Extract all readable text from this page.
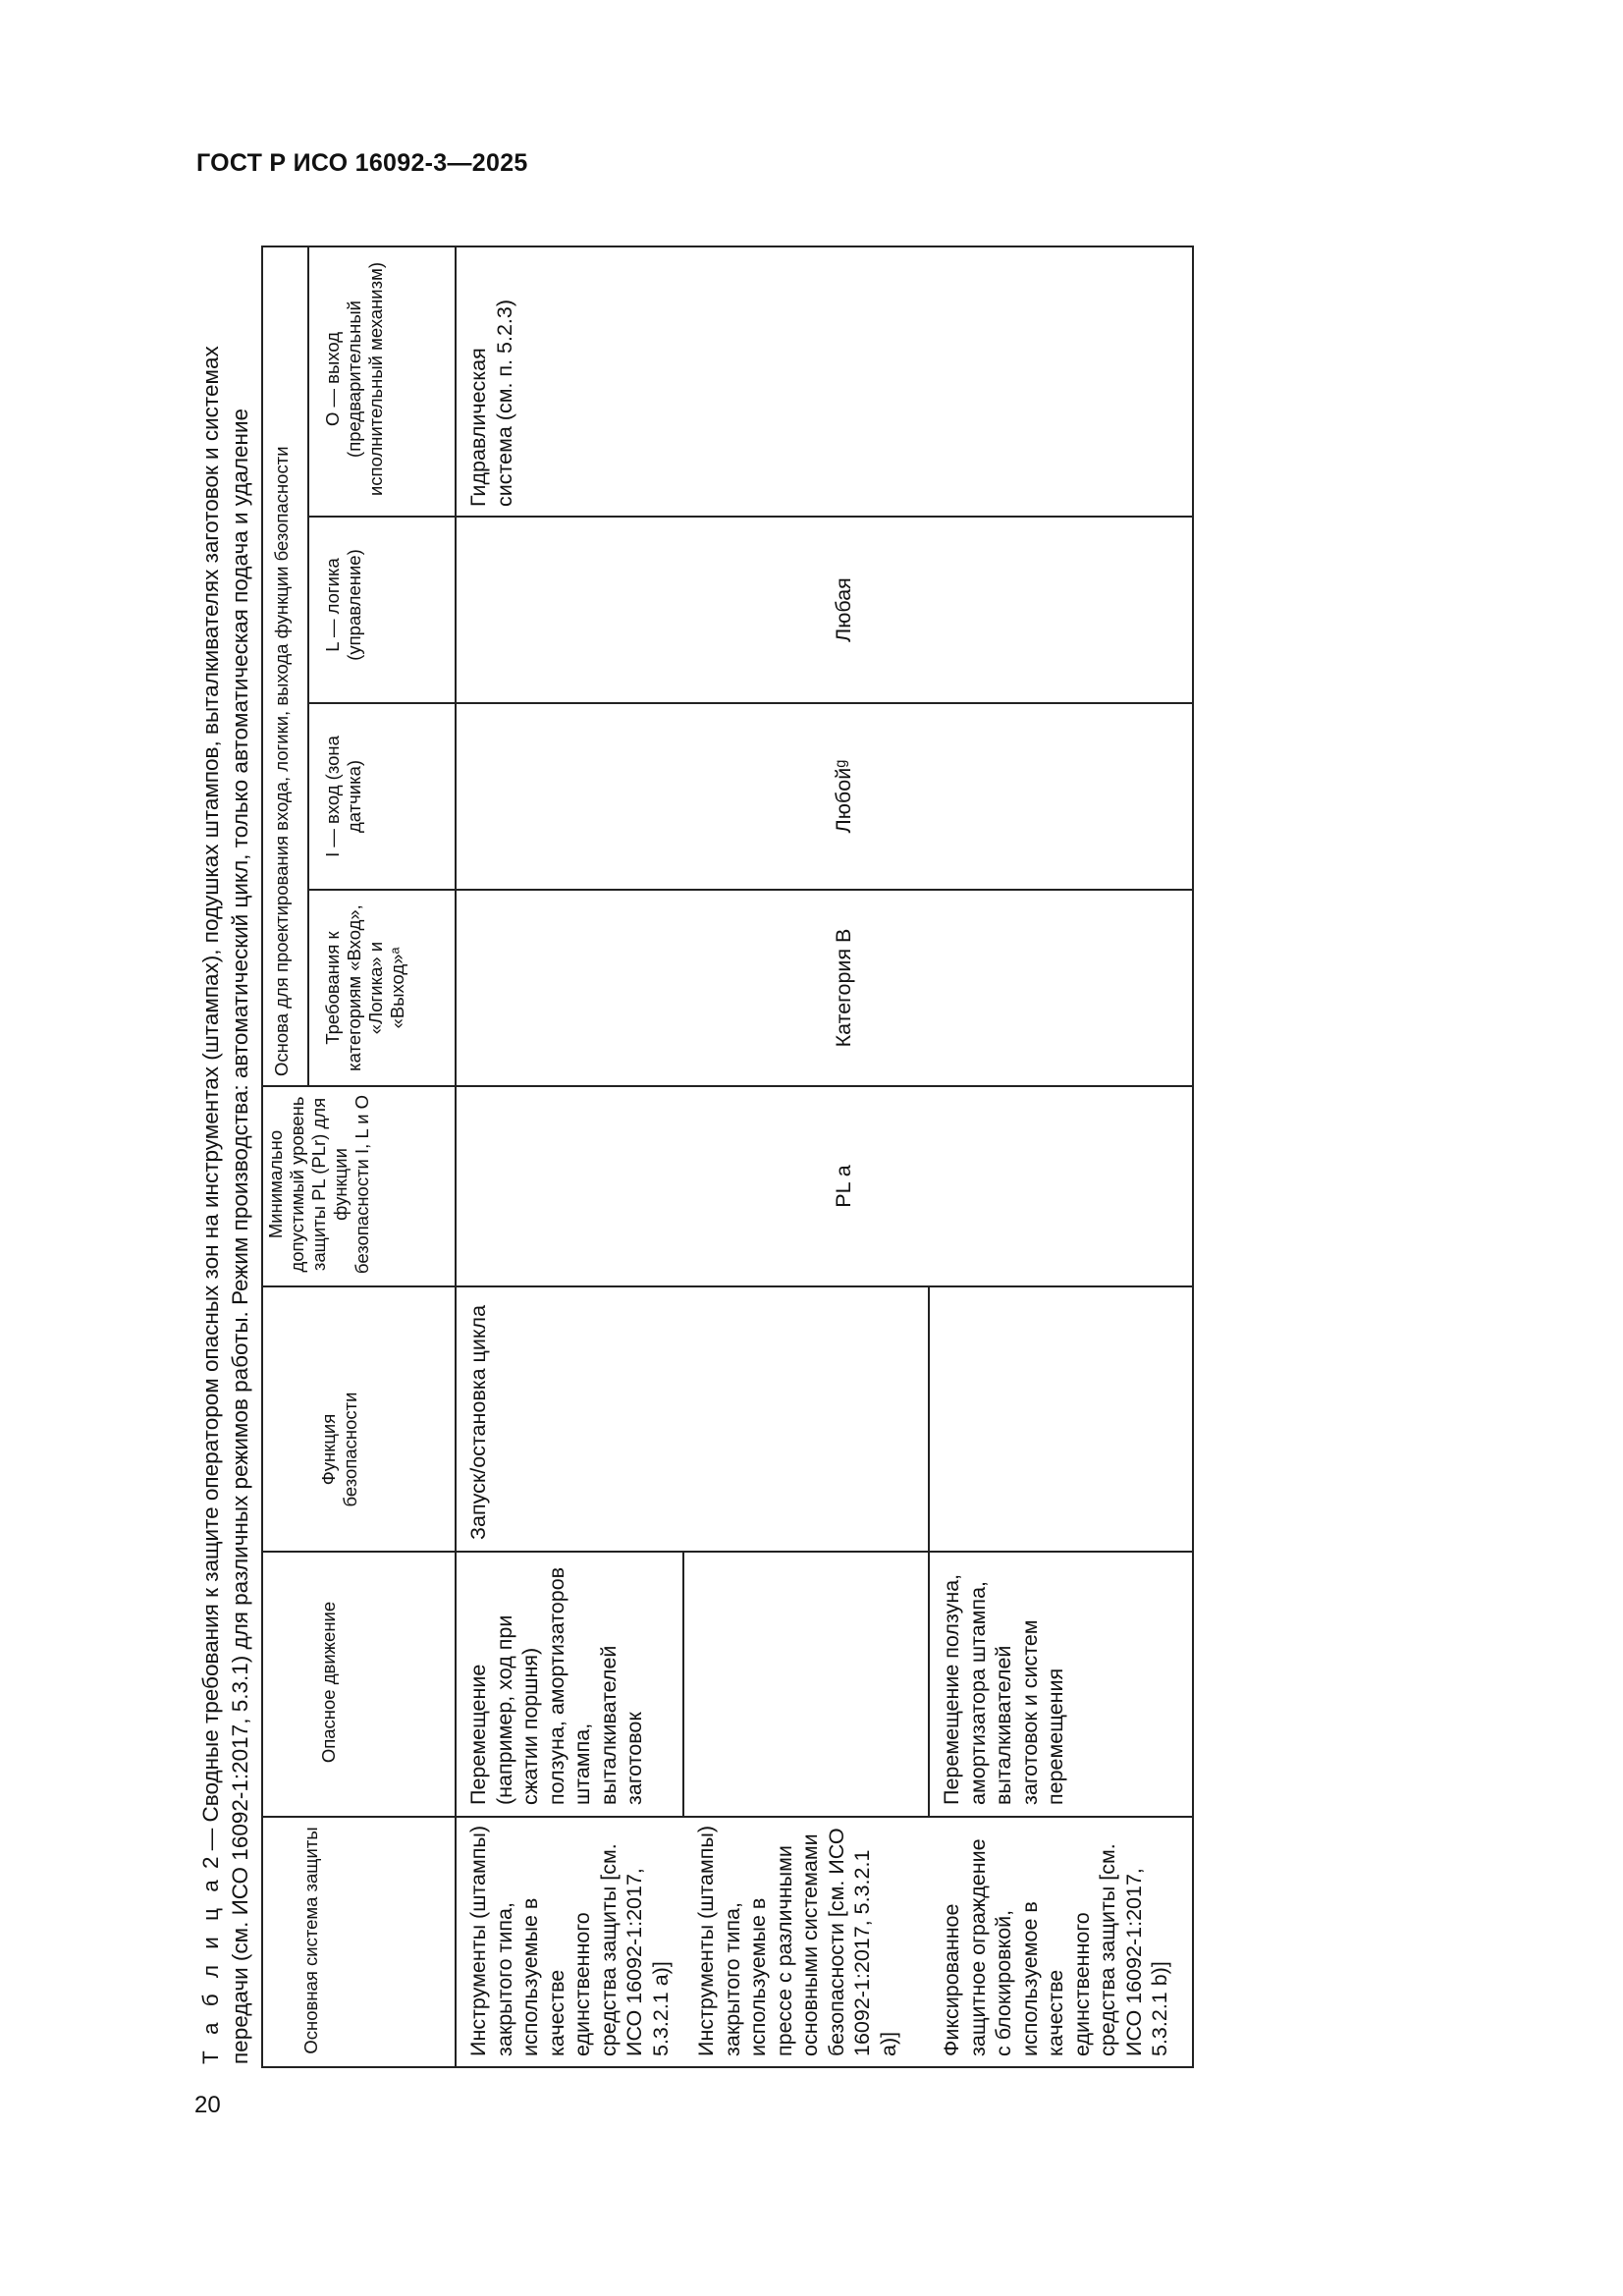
ГОСТ Р ИСО 16092-3—2025
20
Т а б л и ц а 2 — Сводные требования к защите оператором опасных зон на инструментах (штампах), подушках штампов, выталкивателях заготовок и системах передачи (см. ИСО 16092-1:2017, 5.3.1) для различных режимов работы. Режим производства: автоматический цикл, только автоматическая подача и удаление	Основная система защиты
Опасное движение
Функция безопасности
Минимально допустимый уровень защиты PL (PLr) для функции безопасности I, L и O
Основа для проектирования входа, логики, выхода функции безопасности Требования к категориям «Вход», «Логика» и «Выход»ᵃ
I — вход (зона датчика)
L — логика (управление)
Инструменты (штампы) закрытого типа, используемые в качестве единственного средства защиты [см. ИСО 16092-1:2017, 5.3.2.1 а)] Инструменты (штампы) закрытого типа, используемые в прессе с различными основными системами безопасности [см. ИСО 16092-1:2017, 5.3.2.1 а)] Фиксированное защитное ограждение с блокировкой, используемое в качестве единственного средства защиты [см. ИСО 16092-1:2017, 5.3.2.1 b)]
Перемещение (например, ход при сжатии поршня) ползуна, амортизаторов штампа, выталкивателей заготовок	Перемещение ползуна, амортизатора штампа, выталкивателей заготовок и систем перемещения
Запуск/остановка цикла
PL a
Категория B
Любойᵍ
Любая
Гидравлическая система (см. п. 5.2.3)
O — выход (предварительный исполнительный механизм)
